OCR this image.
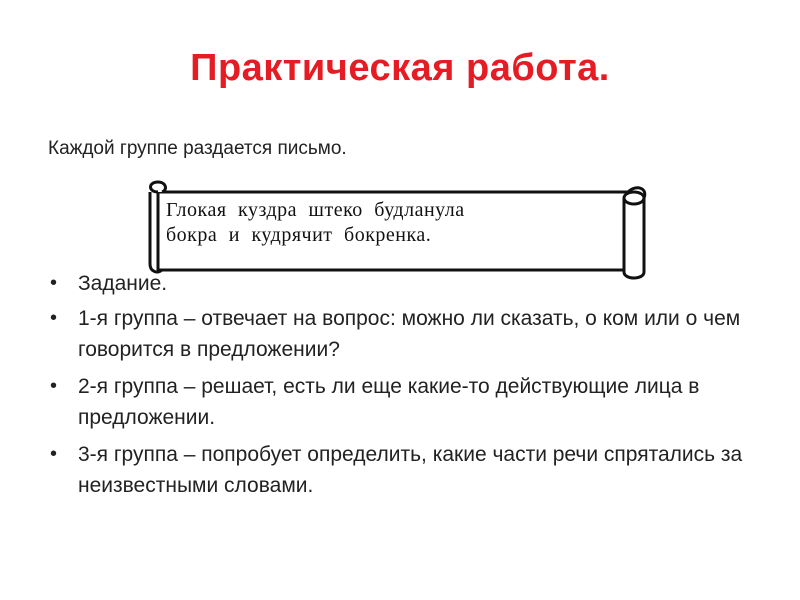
Практическая работа.
Каждой группе раздается письмо.
Глокая куздра штеко будланула
бокра и кудрячит бокренка.
• Задание.
• 1-я группа – отвечает на вопрос: можно ли сказать, о ком или о чем говорится в предложении?
• 2-я группа – решает, есть ли еще какие-то действующие лица в предложении.
• 3-я группа – попробует определить, какие части речи спрятались за неизвестными словами.
